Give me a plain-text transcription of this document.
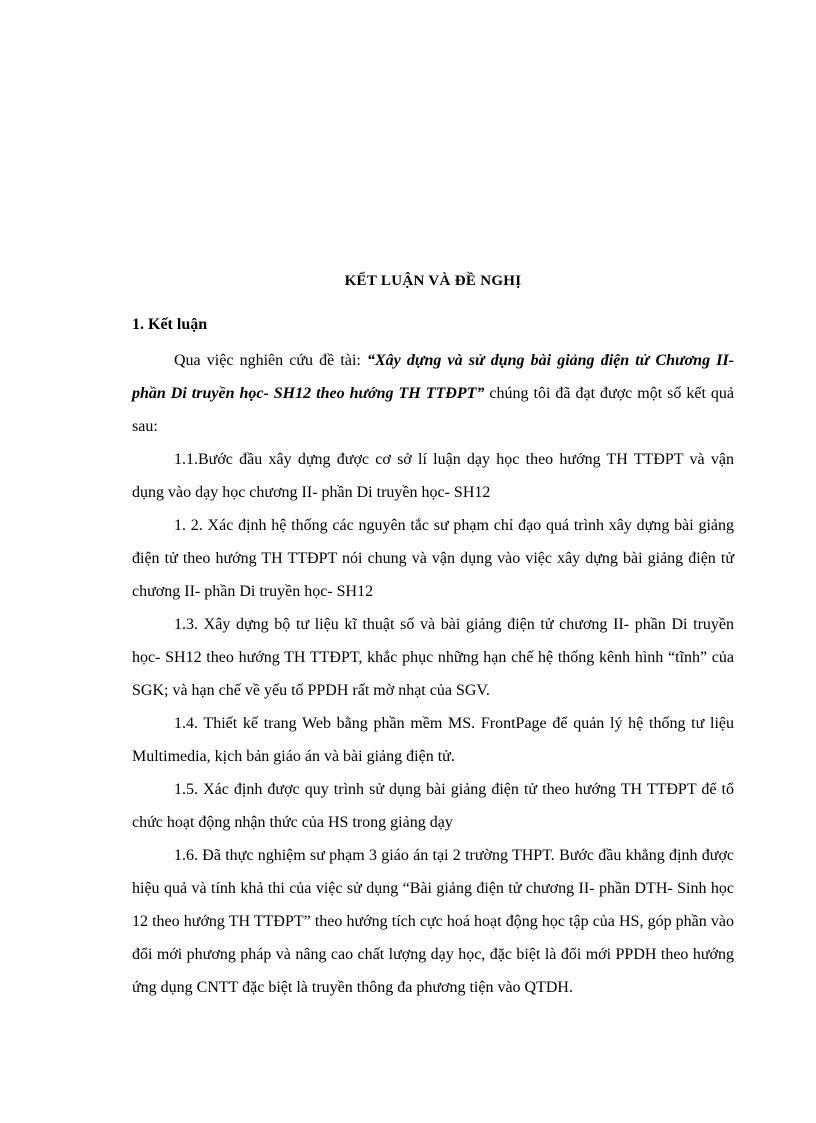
KẾT LUẬN VÀ ĐỀ NGHỊ
1. Kết luận

Qua việc nghiên cứu đề tài: “Xây dựng và sử dụng bài giảng điện tử Chương II- phần Di truyền học- SH12 theo hướng TH TTĐPT” chúng tôi đã đạt được một số kết quả sau:

1.1.Bước đầu xây dựng được cơ sở lí luận dạy học theo hướng TH TTĐPT và vận dụng vào dạy học chương II- phần Di truyền học- SH12

1. 2. Xác định hệ thống các nguyên tắc sư phạm chỉ đạo quá trình xây dựng bài giảng điện tử theo hướng TH TTĐPT nói chung và vận dụng vào việc xây dựng bài giảng điện tử chương II- phần Di truyền học- SH12

1.3. Xây dựng bộ tư liệu kĩ thuật số và bài giảng điện tử chương II- phần Di truyền học- SH12 theo hướng TH TTĐPT, khắc phục những hạn chế hệ thống kênh hình “tĩnh” của SGK; và hạn chế về yếu tố PPDH rất mờ nhạt của SGV.

1.4. Thiết kế trang Web bằng phần mềm MS. FrontPage để quản lý hệ thống tư liệu Multimedia, kịch bản giáo án và bài giảng điện tử.

1.5. Xác định được quy trình sử dụng bài giảng điện tử theo hướng TH TTĐPT để tổ chức hoạt động nhận thức của HS trong giảng dạy

1.6. Đã thực nghiệm sư phạm 3 giáo án tại 2 trường THPT. Bước đầu khẳng định được hiệu quả và tính khả thi của việc sử dụng “Bài giảng điện tử chương II- phần DTH- Sinh học 12 theo hướng TH TTĐPT” theo hướng tích cực hoá hoạt động học tập của HS, góp phần vào đổi mới phương pháp và nâng cao chất lượng dạy học, đặc biệt là đổi mới PPDH theo hướng ứng dụng CNTT đặc biệt là truyền thông đa phương tiện vào QTDH.
